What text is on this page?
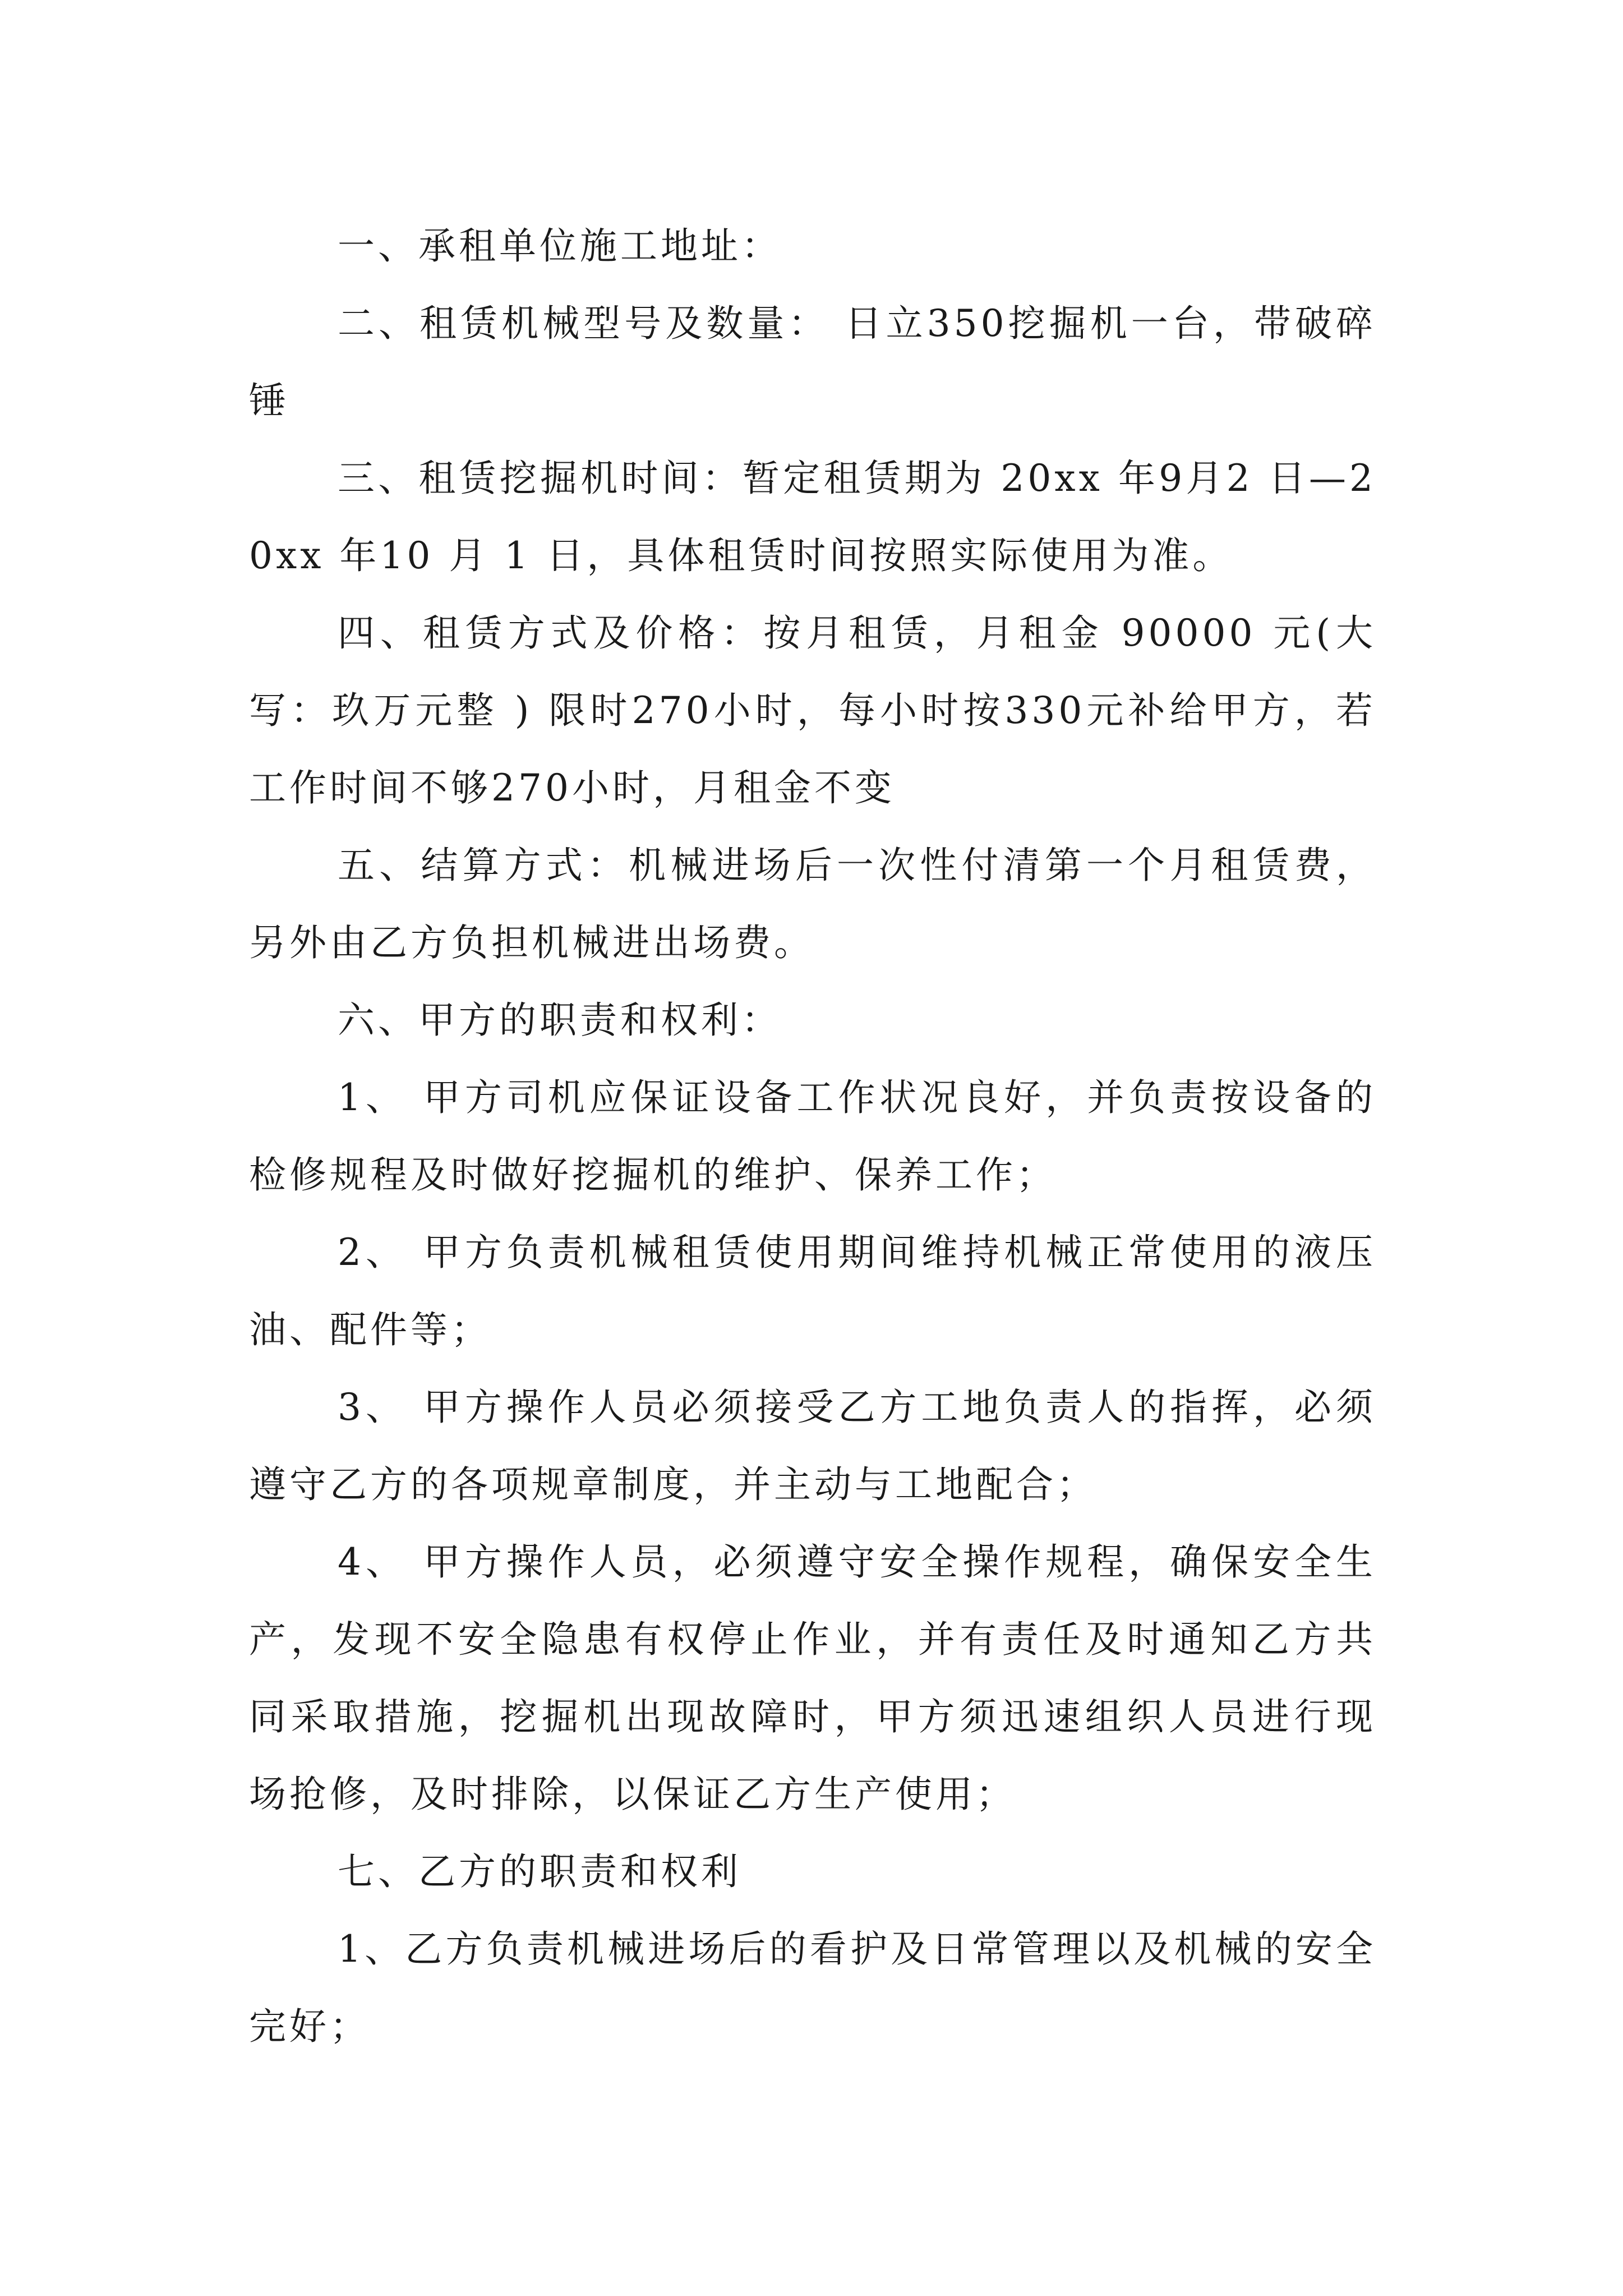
一、承租单位施工地址：

二、租赁机械型号及数量： 日立350挖掘机一台，带破碎锤

三、租赁挖掘机时间：暂定租赁期为 20xx 年9月2 日—20xx 年10 月 1 日，具体租赁时间按照实际使用为准。

四、租赁方式及价格：按月租赁，月租金 90000 元(大写：玖万元整 ) 限时270小时，每小时按330元补给甲方，若工作时间不够270小时，月租金不变

五、结算方式：机械进场后一次性付清第一个月租赁费，另外由乙方负担机械进出场费。

六、甲方的职责和权利：

1、 甲方司机应保证设备工作状况良好，并负责按设备的检修规程及时做好挖掘机的维护、保养工作；

2、 甲方负责机械租赁使用期间维持机械正常使用的液压油、配件等；

3、 甲方操作人员必须接受乙方工地负责人的指挥，必须遵守乙方的各项规章制度，并主动与工地配合；

4、 甲方操作人员，必须遵守安全操作规程，确保安全生产，发现不安全隐患有权停止作业，并有责任及时通知乙方共同采取措施，挖掘机出现故障时，甲方须迅速组织人员进行现场抢修，及时排除，以保证乙方生产使用；

七、乙方的职责和权利

1、乙方负责机械进场后的看护及日常管理以及机械的安全完好；
